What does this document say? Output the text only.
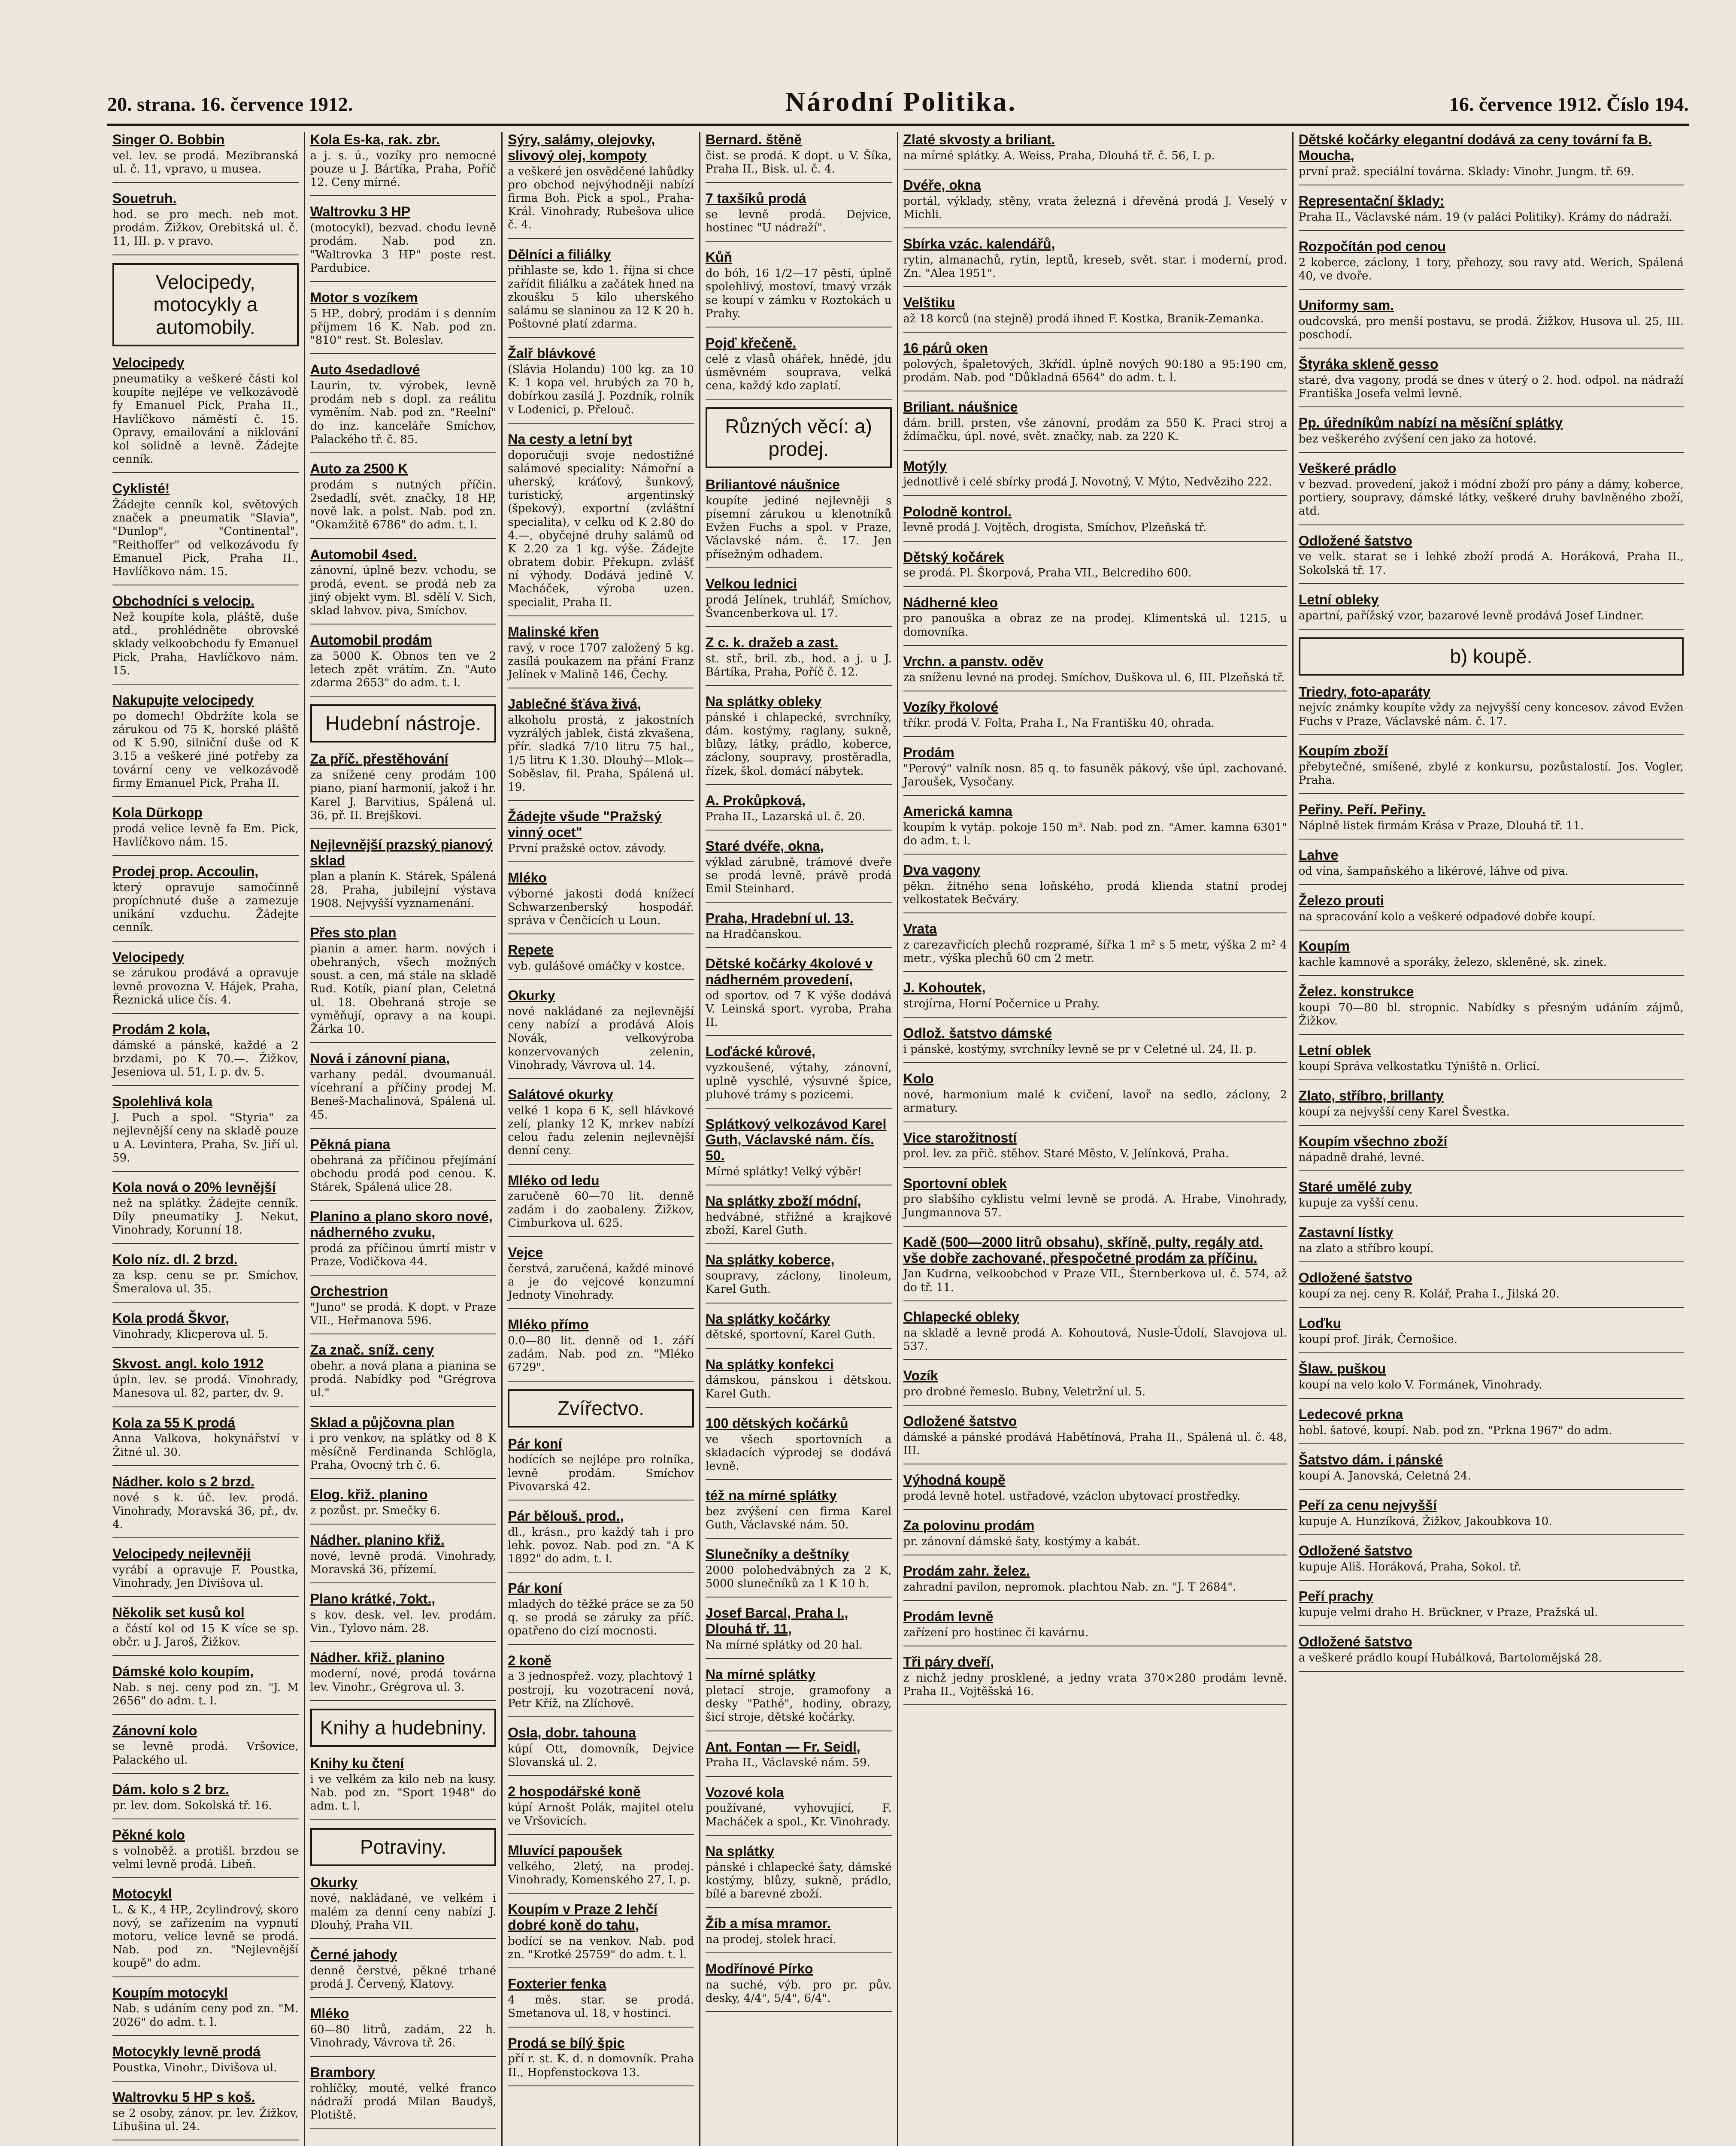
20. strana. 16. července 1912.	Národní Politika.	16. července 1912. Číslo 194.
Singer O. Bobbin

vel. lev. se prodá. Mezibranská ul. č. 11, vpravo, u musea.

Souetruh.

hod. se pro mech. neb mot. prodám. Žižkov, Orebitská ul. č. 11, III. p. v pravo.

Velocipedy, motocykly a automobily.
Velocipedy

pneumatiky a veškeré části kol koupíte nejlépe ve velkozávodě fy Emanuel Pick, Praha II., Havlíčkovo náměstí č. 15. Opravy, emailování a niklování kol solidně a levně. Žádejte cenník.

Cyklisté!

Žádejte cenník kol, světových značek a pneumatik "Slavia", "Dunlop", "Continental", "Reithoffer" od velkozávodu fy Emanuel Pick, Praha II., Havlíčkovo nám. 15.

Obchodníci s velocip.

Než koupíte kola, pláště, duše atd., prohlédněte obrovské sklady velkoobchodu fy Emanuel Pick, Praha, Havlíčkovo nám. 15.

Nakupujte velocipedy

po domech! Obdržíte kola se zárukou od 75 K, horské pláště od K 5.90, silniční duše od K 3.15 a veškeré jiné potřeby za tovární ceny ve velkozávodě firmy Emanuel Pick, Praha II.

Kola Dürkopp

prodá velice levně fa Em. Pick, Havlíčkovo nám. 15.

Prodej prop. Accoulin,

který opravuje samočinně propíchnuté duše a zamezuje unikání vzduchu. Žádejte cenník.

Velocipedy

se zárukou prodává a opravuje levně provozna V. Hájek, Praha, Řeznická ulice čís. 4.

Prodám 2 kola,

dámské a pánské, každé a 2 brzdami, po K 70.—. Žižkov, Jeseniova ul. 51, I. p. dv. 5.

Spolehlivá kola

J. Puch a spol. "Styria" za nejlevnější ceny na skladě pouze u A. Levintera, Praha, Sv. Jiří ul. 59.

Kola nová o 20% levnější

než na splátky. Žádejte cenník. Díly pneumatiky J. Nekut, Vinohrady, Korunní 18.

Kolo níz. dl. 2 brzd.

za ksp. cenu se pr. Smíchov, Šmeralova ul. 35.

Kola prodá Škvor,

Vinohrady, Klicperova ul. 5.

Skvost. angl. kolo 1912

úpln. lev. se prodá. Vinohrady, Manesova ul. 82, parter, dv. 9.

Kola za 55 K prodá

Anna Valkova, hokynářství v Žitné ul. 30.

Nádher. kolo s 2 brzd.

nové s k. úč. lev. prodá. Vinohrady, Moravská 36, př., dv. 4.

Velocipedy nejlevněji

vyrábí a opravuje F. Poustka, Vinohrady, Jen Divišova ul.

Několik set kusů kol

a částí kol od 15 K více se sp. občr. u J. Jaroš, Žižkov.

Dámské kolo koupím,

Nab. s nej. ceny pod zn. "J. M 2656" do adm. t. l.

Zánovní kolo

se levně prodá. Vršovice, Palackého ul.

Dám. kolo s 2 brz.

pr. lev. dom. Sokolská tř. 16.

Pěkné kolo

s volnoběž. a protišl. brzdou se velmi levně prodá. Libeň.

Motocykl

L. & K., 4 HP., 2cylindrový, skoro nový, se zařízením na vypnutí motoru, velice levně se prodá. Nab. pod zn. "Nejlevnější koupě" do adm.

Koupím motocykl

Nab. s udáním ceny pod zn. "M. 2026" do adm. t. l.

Motocykly levně prodá

Poustka, Vinohr., Divišova ul.

Waltrovku 5 HP s koš.

se 2 osoby, zánov. pr. lev. Žižkov, Libušina ul. 24.

Kola Es-ka, rak. zbr.

a j. s. ú., vozíky pro nemocné pouze u J. Bártíka, Praha, Poříč 12. Ceny mírné.

Waltrovku 3 HP

(motocykl), bezvad. chodu levně prodám. Nab. pod zn. "Waltrovka 3 HP" poste rest. Pardubice.

Motor s vozíkem

5 HP., dobrý, prodám i s denním příjmem 16 K. Nab. pod zn. "810" rest. St. Boleslav.

Auto 4sedadlové

Laurin, tv. výrobek, levně prodám neb s dopl. za reálitu vyměním. Nab. pod zn. "Reelní" do inz. kanceláře Smíchov, Palackého tř. č. 85.

Auto za 2500 K

prodám s nutných příčin. 2sedadlí, svět. značky, 18 HP, nově lak. a polst. Nab. pod zn. "Okamžitě 6786" do adm. t. l.

Automobil 4sed.

zánovní, úplně bezv. vchodu, se prodá, event. se prodá neb za jiný objekt vym. Bl. sdělí V. Sich, sklad lahvov. piva, Smíchov.

Automobil prodám

za 5000 K. Obnos ten ve 2 letech zpět vrátím. Zn. "Auto zdarma 2653" do adm. t. l.

Hudební nástroje.
Za příč. přestěhování

za snížené ceny prodám 100 piano, pianí harmonií, jakož i hr. Karel J. Barvitius, Spálená ul. 36, př. II. Brejškovi.

Nejlevnější prazský pianový sklad

plan a planín K. Stárek, Spálená 28. Praha, jubilejní výstava 1908. Nejvyšší vyznamenání.

Přes sto plan

pianin a amer. harm. nových i obehraných, všech možných soust. a cen, má stále na skladě Rud. Kotík, pianí plan, Celetná ul. 18. Obehraná stroje se vyměňují, opravy a na koupi. Žárka 10.

Nová i zánovní piana,

varhany pedál. dvoumanuál. vícehraní a příčiny prodej M. Beneš-Machalinová, Spálená ul. 45.

Pěkná piana

obehraná za příčinou přejímání obchodu prodá pod cenou. K. Stárek, Spálená ulice 28.

Planino a plano skoro nové, nádherného zvuku,

prodá za příčinou úmrtí mistr v Praze, Vodičkova 44.

Orchestrion

"Juno" se prodá. K dopt. v Praze VII., Heřmanova 596.

Za znač. sníž. ceny

obehr. a nová plana a pianina se prodá. Nabídky pod "Grégrova ul."

Sklad a půjčovna plan

i pro venkov, na splátky od 8 K měsíčně Ferdinanda Schlögla, Praha, Ovocný trh č. 6.

Elog. křiž. planino

z pozůst. pr. Smečky 6.

Nádher. planino křiž.

nové, levně prodá. Vinohrady, Moravská 36, přízemí.

Plano krátké, 7okt.,

s kov. desk. vel. lev. prodám. Vin., Tylovo nám. 28.

Nádher. křiž. planino

moderní, nové, prodá továrna lev. Vinohr., Grégrova ul. 3.

Knihy a hudebniny.
Knihy ku čtení

i ve velkém za kilo neb na kusy. Nab. pod zn. "Sport 1948" do adm. t. l.

Potraviny.
Okurky

nové, nakládané, ve velkém i malém za denní ceny nabízí J. Dlouhý, Praha VII.

Černé jahody

denně čerstvé, pěkné trhané prodá J. Červený, Klatovy.

Mléko

60—80 litrů, zadám, 22 h. Vinohrady, Vávrova tř. 26.

Brambory

rohlíčky, mouté, velké franco nádraží prodá Milan Baudyš, Plotiště.

Sýry, salámy, olejovky, slivový olej, kompoty

a veškeré jen osvědčené lahůdky pro obchod nejvýhodněji nabízí firma Boh. Pick a spol., Praha-Král. Vinohrady, Rubešova ulice č. 4.

Dělníci a filiálky

přihlaste se, kdo 1. října si chce zařídit filiálku a začátek hned na zkoušku 5 kilo uherského salámu se slaninou za 12 K 20 h. Poštovné platí zdarma.

Žalř blávkové

(Slávia Holandu) 100 kg. za 10 K. 1 kopa vel. hrubých za 70 h, dobírkou zasílá J. Pozdník, rolník v Lodenici, p. Přelouč.

Na cesty a letní byt

doporučuji svoje nedostižné salámové speciality: Námořní a uherský, kráťový, šunkový, turistický, argentinský (špekový), exportní (zvláštní specialita), v celku od K 2.80 do 4.—, obyčejné druhy salámů od K 2.20 za 1 kg. výše. Žádejte obratem dobir. Překupn. zvlášť ní výhody. Dodává jedině V. Macháček, výroba uzen. specialit, Praha II.

Malinské křen

ravý, v roce 1707 založený 5 kg. zasílá poukazem na přání Franz Jelínek v Malině 146, Čechy.

Jablečné šťáva živá,

alkoholu prostá, z jakostních vyzrálých jablek, čistá zkvašena, přír. sladká 7/10 litru 75 hal., 1/5 litru K 1.30. Dlouhý—Mlok—Soběslav, fil. Praha, Spálená ul. 19.

Žádejte všude "Pražský vinný ocet"

První pražské octov. závody.

Mléko

výborné jakosti dodá knížecí Schwarzenberský hospodář. správa v Čenčicích u Loun.

Repete

vyb. gulášové omáčky v kostce.

Okurky

nové nakládané za nejlevnější ceny nabízí a prodává Alois Novák, velkovýroba konzervovaných zelenin, Vinohrady, Vávrova ul. 14.

Salátové okurky

velké 1 kopa 6 K, sell hlávkové zelí, planky 12 K, mrkev nabízí celou řadu zelenin nejlevnější denní ceny.

Mléko od ledu

zaručeně 60—70 lit. denně zadám i do zaobaleny. Žižkov, Cimburkova ul. 625.

Vejce

čerstvá, zaručená, každé minové a je do vejcové konzumní Jednoty Vinohrady.

Mléko přímo

0.0—80 lit. denně od 1. září zadám. Nab. pod zn. "Mléko 6729".

Zvířectvo.
Pár koní

hodících se nejlépe pro rolníka, levně prodám. Smíchov Pivovarská 42.

Pár bělouš. prod.,

dl., krásn., pro každý tah i pro lehk. povoz. Nab. pod zn. "A K 1892" do adm. t. l.

Pár koní

mladých do těžké práce se za 50 q. se prodá se záruky za příč. opatřeno do cizí mocnosti.

2 koně

a 3 jednospřež. vozy, plachtový 1 postrojí, ku vozotracení nová, Petr Kříž, na Zlíchově.

Osla, dobr. tahouna

kúpí Ott, domovník, Dejvice Slovanská ul. 2.

2 hospodářské koně

kúpí Arnošt Polák, majitel otelu ve Vršovicích.

Mluvící papoušek

velkého, 2letý, na prodej. Vinohrady, Komenského 27, I. p.

Koupím v Praze 2 lehčí dobré koně do tahu,

bodící se na venkov. Nab. pod zn. "Krotké 25759" do adm. t. l.

Foxterier fenka

4 měs. star. se prodá. Smetanova ul. 18, v hostinci.

Prodá se bílý špic

pří r. st. K. d. n domovník. Praha II., Hopfenstockova 13.

Bernard. štěně

čist. se prodá. K dopt. u V. Šíka, Praha II., Bisk. ul. č. 4.

7 taxšíků prodá

se levně prodá. Dejvice, hostinec "U nádraží".

Kůň

do bóh, 16 1/2—17 pěstí, úplně spolehlivý, mostoví, tmavý vrzák se koupí v zámku v Roztokách u Prahy.

Pojď křečeně.

celé z vlasů ohářek, hnědé, jdu úsměvném souprava, velká cena, každý kdo zaplatí.

Různých věcí: a) prodej.
Briliantové náušnice

koupíte jediné nejlevněji s písemní zárukou u klenotníků Evžen Fuchs a spol. v Praze, Václavské nám. č. 17. Jen přísežným odhadem.

Velkou lednici

prodá Jelínek, truhlář, Smíchov, Švancenberkova ul. 17.

Z c. k. dražeb a zast.

st. stř., bril. zb., hod. a j. u J. Bártíka, Praha, Poříč č. 12.

Na splátky obleky

pánské i chlapecké, svrchníky, dám. kostýmy, raglany, sukně, blůzy, látky, prádlo, koberce, záclony, soupravy, prostěradla, řízek, škol. domácí nábytek.

A. Prokůpková,

Praha II., Lazarská ul. č. 20.

Staré dvéře, okna,

výklad zárubně, trámové dveře se prodá levně, právě prodá Emil Steinhard.

Praha, Hradební ul. 13.

na Hradčanskou.

Dětské kočárky 4kolové v nádherném provedení,

od sportov. od 7 K výše dodává V. Leinská sport. vyroba, Praha II.

Loďácké kůrové,

vyzkoušené, výtahy, zánovní, uplně vyschlé, výsuvné špice, pluhové trámy s pozicemi.

Splátkový velkozávod Karel Guth, Václavské nám. čís. 50.

Mírné splátky! Velký výběr!

Na splátky zboží módní,

hedvábné, střižné a krajkové zboží, Karel Guth.

Na splátky koberce,

soupravy, záclony, linoleum, Karel Guth.

Na splátky kočárky

dětské, sportovní, Karel Guth.

Na splátky konfekci

dámskou, pánskou i dětskou. Karel Guth.

100 dětských kočárků

ve všech sportovních a skladacích výprodej se dodává levně.

též na mírné splátky

bez zvýšení cen firma Karel Guth, Václavské nám. 50.

Slunečníky a deštníky

2000 polohedvábných za 2 K, 5000 slunečníků za 1 K 10 h.

Josef Barcal, Praha I., Dlouhá tř. 11,

Na mírné splátky od 20 hal.

Na mírné splátky

pletací stroje, gramofony a desky "Pathé", hodiny, obrazy, šicí stroje, dětské kočárky.

Ant. Fontan — Fr. Seidl,

Praha II., Václavské nám. 59.

Vozové kola

používané, vyhovující, F. Macháček a spol., Kr. Vinohrady.

Na splátky

pánské i chlapecké šaty, dámské kostýmy, blůzy, sukně, prádlo, bílé a barevné zboží.

Žíb a mísa mramor.

na prodej, stolek hrací.

Modřínové Pírko

na suché, výb. pro pr. pův. desky, 4/4", 5/4", 6/4".

Zlaté skvosty a briliant.

na mírné splátky. A. Weiss, Praha, Dlouhá tř. č. 56, I. p.

Dvéře, okna

portál, výklady, stěny, vrata železná i dřevěná prodá J. Veselý v Michli.

Sbírka vzác. kalendářů,

rytin, almanachů, rytin, leptů, kreseb, svět. star. i moderní, prod. Zn. "Alea 1951".

Velštiku

až 18 korců (na stejně) prodá ihned F. Kostka, Branik-Zemanka.

16 párů oken

polových, špaletových, 3křídl. úplně nových 90:180 a 95:190 cm, prodám. Nab. pod "Důkladná 6564" do adm. t. l.

Briliant. náušnice

dám. brill. prsten, vše zánovní, prodám za 550 K. Praci stroj a ždímačku, úpl. nové, svět. značky, nab. za 220 K.

Motýly

jednotlivě i celé sbírky prodá J. Novotný, V. Mýto, Nedvěziho 222.

Polodně kontrol.

levně prodá J. Vojtěch, drogista, Smíchov, Plzeňská tř.

Dětský kočárek

se prodá. Pl. Škorpová, Praha VII., Belcrediho 600.

Nádherné kleo

pro panouška a obraz ze na prodej. Klimentská ul. 1215, u domovníka.

Vrchn. a panstv. oděv

za sníženu levné na prodej. Smíchov, Duškova ul. 6, III. Plzeňská tř.

Vozíky řkolové

tříkr. prodá V. Folta, Praha I., Na Františku 40, ohrada.

Prodám

"Perový" valník nosn. 85 q. to fasuněk pákový, vše úpl. zachované. Jaroušek, Vysočany.

Americká kamna

koupím k vytáp. pokoje 150 m³. Nab. pod zn. "Amer. kamna 6301" do adm. t. l.

Dva vagony

pěkn. žitného sena loňského, prodá klienda statní prodej velkostatek Bečváry.

Vrata

z carezavřicích plechů rozpramé, šířka 1 m² s 5 metr, výška 2 m² 4 metr., výška plechů 60 cm 2 metr.

J. Kohoutek,

strojírna, Horní Počernice u Prahy.

Odlož. šatstvo dámské

i pánské, kostýmy, svrchníky levně se pr v Celetné ul. 24, II. p.

Kolo

nové, harmonium malé k cvičení, lavoř na sedlo, záclony, 2 armatury.

Vice starožitností

prol. lev. za přič. stěhov. Staré Město, V. Jelínková, Praha.

Sportovní oblek

pro slabšího cyklistu velmi levně se prodá. A. Hrabe, Vinohrady, Jungmannova 57.

Kadě (500—2000 litrů obsahu), skříně, pulty, regály atd. vše dobře zachované, přespočetné prodám za příčinu.

Jan Kudrna, velkoobchod v Praze VII., Šternberkova ul. č. 574, až do tř. 11.

Chlapecké obleky

na skladě a levně prodá A. Kohoutová, Nusle-Údolí, Slavojova ul. 537.

Vozík

pro drobné řemeslo. Bubny, Veletržní ul. 5.

Odložené šatstvo

dámské a pánské prodává Habětínová, Praha II., Spálená ul. č. 48, III.

Výhodná koupě

prodá levně hotel. ustřadové, vzáclon ubytovací prostředky.

Za polovinu prodám

pr. zánovní dámské šaty, kostýmy a kabát.

Prodám zahr. želez.

zahradní pavilon, nepromok. plachtou Nab. zn. "J. T 2684".

Prodám levně

zařízení pro hostinec či kavárnu.

Tři páry dveří,

z nichž jedny prosklené, a jedny vrata 370×280 prodám levně. Praha II., Vojtěšská 16.

Dětské kočárky elegantní dodává za ceny tovární fa B. Moucha,

první praž. speciální továrna. Sklady: Vinohr. Jungm. tř. 69.

Representační šklady:

Praha II., Václavské nám. 19 (v paláci Politiky). Krámy do nádraží.

Rozpočítán pod cenou

2 koberce, záclony, 1 tory, přehozy, sou ravy atd. Werich, Spálená 40, ve dvoře.

Uniformy sam.

oudcovská, pro menší postavu, se prodá. Žižkov, Husova ul. 25, III. poschodí.

Štyráka skleně gesso

staré, dva vagony, prodá se dnes v úterý o 2. hod. odpol. na nádraží Františka Josefa velmi levně.

Pp. úředníkům nabízí na měsíční splátky

bez veškerého zvýšení cen jako za hotové.

Veškeré prádlo

v bezvad. provedení, jakož i módní zboží pro pány a dámy, koberce, portiery, soupravy, dámské látky, veškeré druhy bavlněného zboží, atd.

Odložené šatstvo

ve velk. starat se i lehké zboží prodá A. Horáková, Praha II., Sokolská tř. 17.

Letní obleky

apartní, pařížský vzor, bazarové levně prodává Josef Lindner.

b) koupě.
Triedry, foto-aparáty

nejvíc známky koupíte vždy za nejvyšší ceny koncesov. závod Evžen Fuchs v Praze, Václavské nám. č. 17.

Koupím zboží

přebytečné, smíšené, zbylé z konkursu, pozůstalostí. Jos. Vogler, Praha.

Peřiny. Peří. Peřiny.

Náplně listek firmám Krása v Praze, Dlouhá tř. 11.

Lahve

od vína, šampaňského a likérové, láhve od piva.

Železo prouti

na spracování kolo a veškeré odpadové dobře koupí.

Koupím

kachle kamnové a sporáky, železo, skleněné, sk. zinek.

Želez. konstrukce

koupi 70—80 bl. stropnic. Nabídky s přesným udáním zájmů, Žižkov.

Letní oblek

koupí Správa velkostatku Týniště n. Orlicí.

Zlato, stříbro, brillanty

koupí za nejvyšší ceny Karel Švestka.

Koupím všechno zboží

nápadně drahé, levné.

Staré umělé zuby

kupuje za vyšší cenu.

Zastavní lístky

na zlato a stříbro koupí.

Odložené šatstvo

koupí za nej. ceny R. Kolář, Praha I., Jilská 20.

Loďku

koupí prof. Jirák, Černošice.

Šlaw. puškou

koupí na velo kolo V. Formánek, Vinohrady.

Ledecové prkna

hobl. šatové, koupí. Nab. pod zn. "Prkna 1967" do adm.

Šatstvo dám. i pánské

koupí A. Janovská, Celetná 24.

Peří za cenu nejvyšší

kupuje A. Hunzíková, Žižkov, Jakoubkova 10.

Odložené šatstvo

kupuje Ališ. Horáková, Praha, Sokol. tř.

Peří prachy

kupuje velmi draho H. Brückner, v Praze, Pražská ul.

Odložené šatstvo

a veškeré prádlo koupí Hubálková, Bartolomějská 28.
